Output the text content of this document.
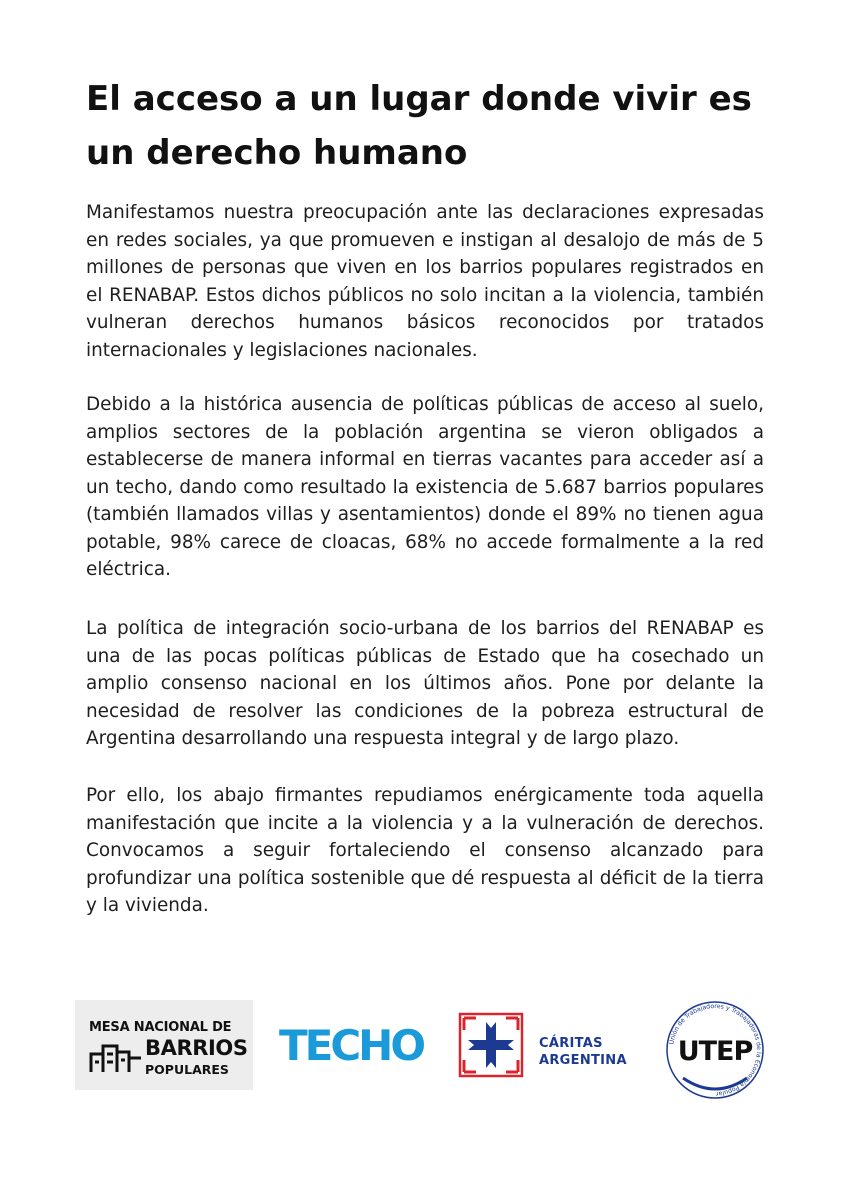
El acceso a un lugar donde vivir es un derecho humano

Manifestamos nuestra preocupación ante las declaraciones expresadas en redes sociales, ya que promueven e instigan al desalojo de más de 5 millones de personas que viven en los barrios populares registrados en el RENABAP. Estos dichos públicos no solo incitan a la violencia, también vulneran derechos humanos básicos reconocidos por tratados internacionales y legislaciones nacionales.

Debido a la histórica ausencia de políticas públicas de acceso al suelo, amplios sectores de la población argentina se vieron obligados a establecerse de manera informal en tierras vacantes para acceder así a un techo, dando como resultado la existencia de 5.687 barrios populares (también llamados villas y asentamientos) donde el 89% no tienen agua potable, 98% carece de cloacas, 68% no accede formalmente a la red eléctrica.

La política de integración socio-urbana de los barrios del RENABAP es una de las pocas políticas públicas de Estado que ha cosechado un amplio consenso nacional en los últimos años. Pone por delante la necesidad de resolver las condiciones de la pobreza estructural de Argentina desarrollando una respuesta integral y de largo plazo.

Por ello, los abajo firmantes repudiamos enérgicamente toda aquella manifestación que incite a la violencia y a la vulneración de derechos. Convocamos a seguir fortaleciendo el consenso alcanzado para profundizar una política sostenible que dé respuesta al déficit de la tierra y la vivienda.

MESA NACIONAL DE
BARRIOS
POPULARES TECHO	CÁRITAS
ARGENTINA
Unión de Trabajadores y Trabajadoras de la Economía Popular
UTEP
